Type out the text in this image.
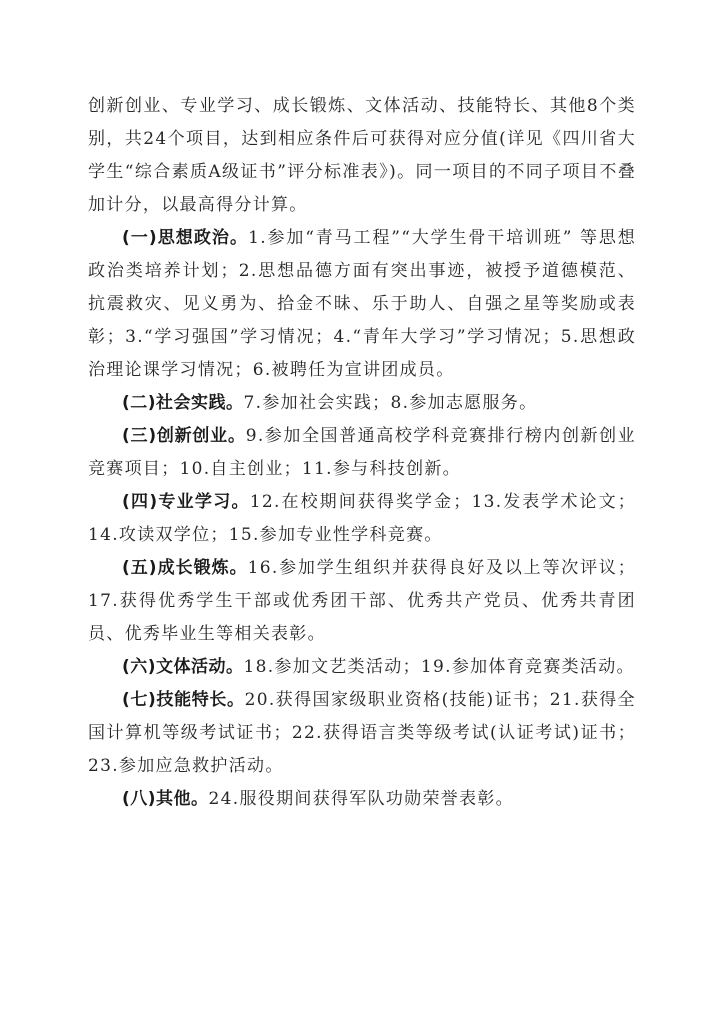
创新创业、专业学习、成长锻炼、文体活动、技能特长、其他8个类别，共24个项目，达到相应条件后可获得对应分值(详见《四川省大学生“综合素质A级证书”评分标准表》)。同一项目的不同子项目不叠加计分，以最高得分计算。

(一)思想政治。1.参加“青马工程”“大学生骨干培训班” 等思想政治类培养计划；2.思想品德方面有突出事迹，被授予道德模范、抗震救灾、见义勇为、拾金不昧、乐于助人、自强之星等奖励或表彰；3.“学习强国”学习情况；4.“青年大学习”学习情况；5.思想政治理论课学习情况；6.被聘任为宣讲团成员。

(二)社会实践。7.参加社会实践；8.参加志愿服务。

(三)创新创业。9.参加全国普通高校学科竞赛排行榜内创新创业竞赛项目；10.自主创业；11.参与科技创新。

(四)专业学习。12.在校期间获得奖学金；13.发表学术论文；14.攻读双学位；15.参加专业性学科竞赛。

(五)成长锻炼。16.参加学生组织并获得良好及以上等次评议；17.获得优秀学生干部或优秀团干部、优秀共产党员、优秀共青团员、优秀毕业生等相关表彰。

(六)文体活动。18.参加文艺类活动；19.参加体育竞赛类活动。

(七)技能特长。20.获得国家级职业资格(技能)证书；21.获得全国计算机等级考试证书；22.获得语言类等级考试(认证考试)证书；23.参加应急救护活动。

(八)其他。24.服役期间获得军队功勋荣誉表彰。
